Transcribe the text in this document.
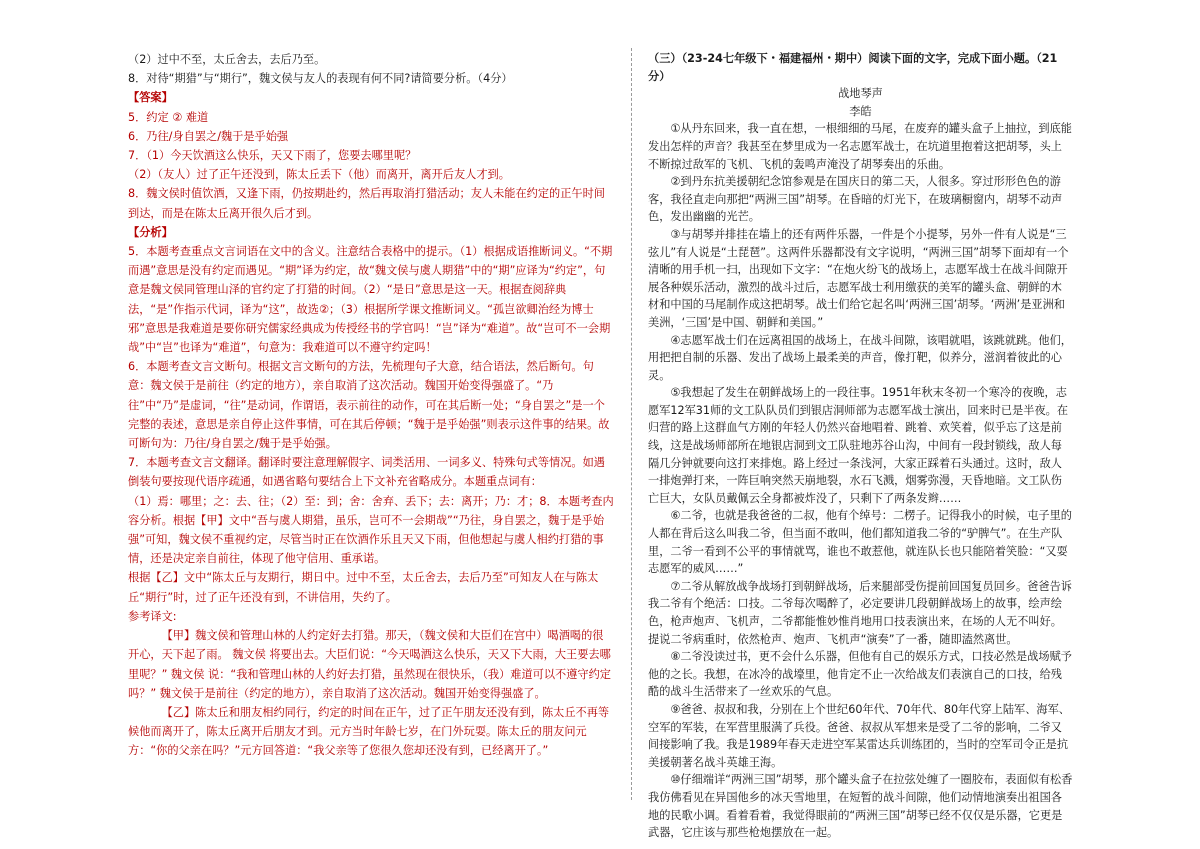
（2）过中不至，太丘舍去，去后乃至。

8．对待“期猎”与“期行”，魏文侯与友人的表现有何不同?请简要分析。（4分）

【答案】

5．约定 ② 难道

6．乃往/身自罢之/魏于是乎始强

7．（1）今天饮酒这么快乐，天又下雨了，您要去哪里呢？

（2）（友人）过了正午还没到，陈太丘丢下（他）而离开，离开后友人才到。

8．魏文侯时值饮酒，又逢下雨，仍按期赴约，然后再取消打猎活动；友人未能在约定的正午时间到达，而是在陈太丘离开很久后才到。

【分析】

5．本题考查重点文言词语在文中的含义。注意结合表格中的提示。（1）根据成语推断词义。“不期而遇”意思是没有约定而遇见。“期”译为约定，故“魏文侯与虞人期猎”中的“期”应译为“约定”，句意是魏文侯同管理山泽的官约定了打猎的时间。（2）“是日”意思是这一天。根据查阅辞典法，“是”作指示代词，译为“这”，故选②；（3）根据所学课文推断词义。“孤岂欲卿治经为博士邪”意思是我难道是要你研究儒家经典成为传授经书的学官吗！“岂”译为“难道”。故“岂可不一会期哉”中“岂”也译为“难道”，句意为：我难道可以不遵守约定吗！

6．本题考查文言文断句。根据文言文断句的方法，先梳理句子大意，结合语法，然后断句。句意：魏文侯于是前往（约定的地方），亲自取消了这次活动。魏国开始变得强盛了。“乃往”中“乃”是虚词，“往”是动词，作谓语，表示前往的动作，可在其后断一处；“身自罢之”是一个完整的表述，意思是亲自停止这件事情，可在其后停顿；“魏于是乎始强”则表示这件事的结果。故可断句为：乃往/身自罢之/魏于是乎始强。

7．本题考查文言文翻译。翻译时要注意理解假字、词类活用、一词多义、特殊句式等情况。如遇倒装句要按现代语序疏通，如遇省略句要结合上下文补充省略成分。本题重点词有：

（1）焉：哪里；之：去、往；（2）至：到；舍：舍弃、丢下；去：离开；乃：才；8．本题考查内容分析。根据【甲】文中“吾与虞人期猎，虽乐，岂可不一会期哉”“乃往，身自罢之，魏于是乎始强”可知，魏文侯不重视约定，尽管当时正在饮酒作乐且天又下雨，但他想起与虞人相约打猎的事情，还是决定亲自前往，体现了他守信用、重承诺。

根据【乙】文中“陈太丘与友期行，期日中。过中不至，太丘舍去，去后乃至”可知友人在与陈太丘“期行”时，过了正午还没有到，不讲信用，失约了。

参考译文:

【甲】魏文侯和管理山林的人约定好去打猎。那天，（魏文侯和大臣们在宫中）喝酒喝的很开心，天下起了雨。 魏文侯 将要出去。大臣们说：“今天喝酒这么快乐，天又下大雨，大王要去哪里呢？” 魏文侯 说：“我和管理山林的人约好去打猎，虽然现在很快乐，（我）难道可以不遵守约定吗？” 魏文侯于是前往（约定的地方），亲自取消了这次活动。魏国开始变得强盛了。

【乙】陈太丘和朋友相约同行，约定的时间在正午，过了正午朋友还没有到，陈太丘不再等候他而离开了，陈太丘离开后朋友才到。元方当时年龄七岁，在门外玩耍。陈太丘的朋友问元方：“你的父亲在吗？”元方回答道：“我父亲等了您很久您却还没有到，已经离开了。”

（三）（23-24七年级下・福建福州・期中）阅读下面的文字，完成下面小题。（21分）

战地琴声

李皓

①从丹东回来，我一直在想，一根细细的马尾，在废弃的罐头盒子上抽拉，到底能发出怎样的声音？我甚至在梦里成为一名志愿军战士，在坑道里抱着这把胡琴，头上不断掠过敌军的飞机、飞机的轰鸣声淹没了胡琴奏出的乐曲。

②到丹东抗美援朝纪念馆参观是在国庆日的第二天，人很多。穿过形形色色的游客，我径直走向那把“两洲三国”胡琴。在昏暗的灯光下，在玻璃橱窗内，胡琴不动声色，发出幽幽的光芒。

③与胡琴并排挂在墙上的还有两件乐器，一件是个小提琴，另外一件有人说是“三弦儿”有人说是“土琵琶”。这两件乐器都没有文字说明，“两洲三国”胡琴下面却有一个清晰的用手机一扫，出现如下文字：“在炮火纷飞的战场上，志愿军战士在战斗间隙开展各种娱乐活动，激烈的战斗过后，志愿军战士利用缴获的美军的罐头盒、朝鲜的木材和中国的马尾制作成这把胡琴。战士们给它起名叫‘两洲三国’胡琴。‘两洲’是亚洲和美洲，‘三国’是中国、朝鲜和美国。”

④志愿军战士们在远离祖国的战场上，在战斗间隙，该唱就唱，该跳就跳。他们，用把把自制的乐器、发出了战场上最柔美的声音，像打靶，似养分，滋润着彼此的心灵。

⑤我想起了发生在朝鲜战场上的一段往事。1951年秋末冬初一个寒冷的夜晚，志愿军12军31师的文工队队员们到银店洞师部为志愿军战士演出，回来时已是半夜。在归营的路上这群血气方刚的年轻人仍然兴奋地唱着、跳着、欢笑着，似乎忘了这是前线，这是战场师部所在地银店洞到文工队驻地苏谷山沟，中间有一段封锁线，敌人每隔几分钟就要向这打来排炮。路上经过一条浅河，大家正踩着石头通过。这时，敌人一排炮弹打来，一阵巨响突然天崩地裂，水石飞溅，烟雾弥漫，天昏地暗。文工队伤亡巨大，女队员戴佩云全身都被炸没了，只剩下了两条发辫……

⑥二爷，也就是我爸爸的二叔，他有个绰号：二楞子。记得我小的时候，屯子里的人都在背后这么叫我二爷，但当面不敢叫，他们都知道我二爷的“驴脾气”。在生产队里，二爷一看到不公平的事情就骂，谁也不敢惹他，就连队长也只能陪着笑脸：“又耍志愿军的威风……”

⑦二爷从解放战争战场打到朝鲜战场，后来腿部受伤提前回国复员回乡。爸爸告诉我二爷有个绝活：口技。二爷每次喝醉了，必定要讲几段朝鲜战场上的故事，绘声绘色，枪声炮声、飞机声，二爷都能惟妙惟肖地用口技表演出来，在场的人无不叫好。提说二爷病重时，依然枪声、炮声、飞机声“演奏”了一番，随即溘然离世。

⑧二爷没读过书，更不会什么乐器，但他有自己的娱乐方式，口技必然是战场赋予他的之长。我想，在冰冷的战壕里，他肯定不止一次给战友们表演自己的口技，给残酷的战斗生活带来了一丝欢乐的气息。

⑨爸爸、叔叔和我，分别在上个世纪60年代、70年代、80年代穿上陆军、海军、空军的军装，在军营里服满了兵役。爸爸、叔叔从军想来是受了二爷的影响，二爷又间接影响了我。我是1989年春天走进空军某雷达兵训练团的，当时的空军司令正是抗美援朝著名战斗英雄王海。

⑩仔细端详“两洲三国”胡琴，那个罐头盒子在拉弦处缠了一圈胶布，表面似有松香我仿佛看见在异国他乡的冰天雪地里，在短暂的战斗间隙，他们动情地演奏出祖国各地的民歌小调。看着看着，我觉得眼前的“两洲三国”胡琴已经不仅仅是乐器，它更是武器，它庄该与那些枪炮摆放在一起。
